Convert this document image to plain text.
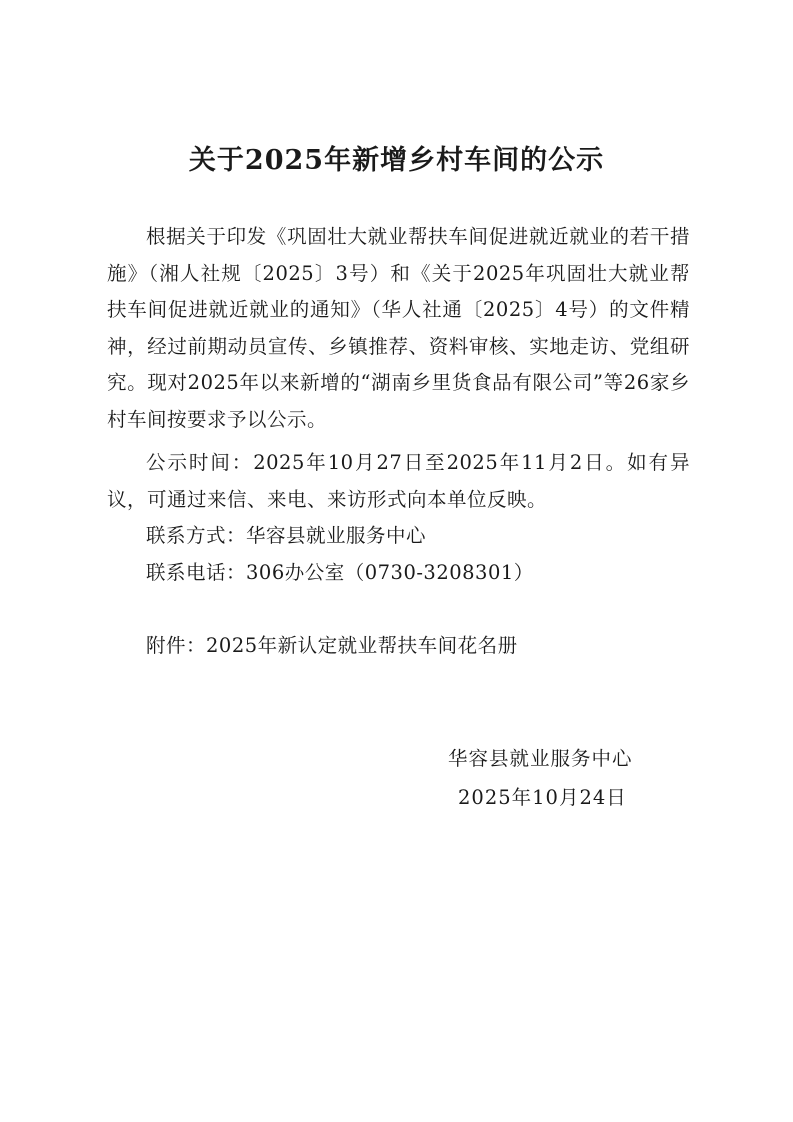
关于2025年新增乡村车间的公示
根据关于印发《巩固壮大就业帮扶车间促进就近就业的若干措施》（湘人社规〔2025〕3号）和《关于2025年巩固壮大就业帮扶车间促进就近就业的通知》（华人社通〔2025〕4号）的文件精神，经过前期动员宣传、乡镇推荐、资料审核、实地走访、党组研究。现对2025年以来新增的“湖南乡里货食品有限公司”等26家乡村车间按要求予以公示。
公示时间：2025年10月27日至2025年11月2日。如有异议，可通过来信、来电、来访形式向本单位反映。
联系方式：华容县就业服务中心
联系电话：306办公室（0730-3208301）
附件：2025年新认定就业帮扶车间花名册
华容县就业服务中心
2025年10月24日
